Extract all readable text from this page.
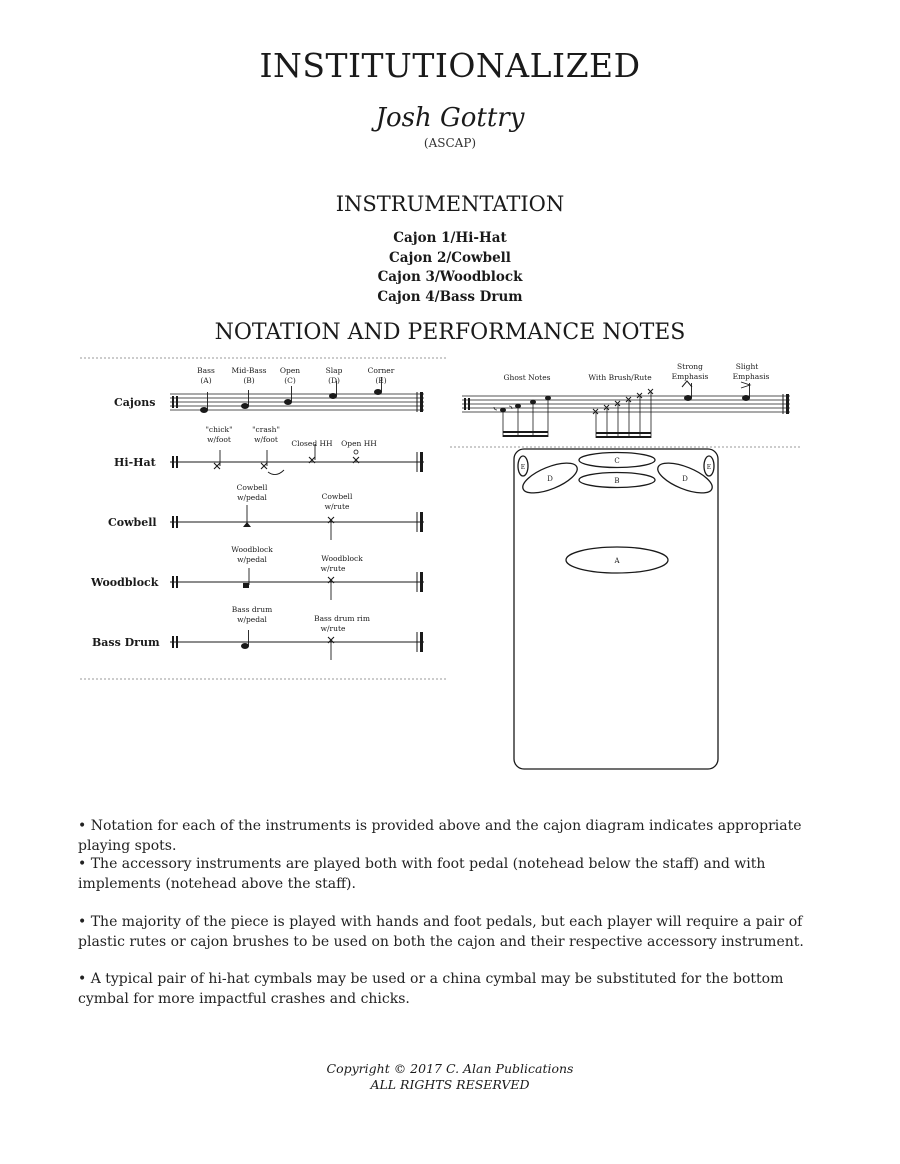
INSTITUTIONALIZED
Josh Gottry
(ASCAP)
INSTRUMENTATION
Cajon 1/Hi-Hat
Cajon 2/Cowbell
Cajon 3/Woodblock
Cajon 4/Bass Drum
NOTATION AND PERFORMANCE NOTES
Cajons
Bass
(A)
Mid-Bass
(B)
Open
(C)
Slap
(D)
Corner
(E)
Hi-Hat
"chick"
w/foot
"crash"
w/foot Closed HH Open HH
Cowbell
Cowbell
w/pedal	Cowbell
w/rute
Woodblock
Woodblock
w/pedal	Woodblock
w/rute
Bass Drum
Bass drum
w/pedal	Bass drum rim
w/rute
Ghost Notes	With Brush/Rute
Strong
Emphasis
Slight
Emphasis
A
B
C
D	D
E	E

• Notation for each of the instruments is provided above and the cajon diagram indicates appropriate playing spots.

• The accessory instruments are played both with foot pedal (notehead below the staff) and with implements (notehead above the staff).

• The majority of the piece is played with hands and foot pedals, but each player will require a pair of plastic rutes or cajon brushes to be used on both the cajon and their respective accessory instrument.

• A typical pair of hi-hat cymbals may be used or a china cymbal may be substituted for the bottom cymbal for more impactful crashes and chicks.

Copyright © 2017 C. Alan Publications
ALL RIGHTS RESERVED
